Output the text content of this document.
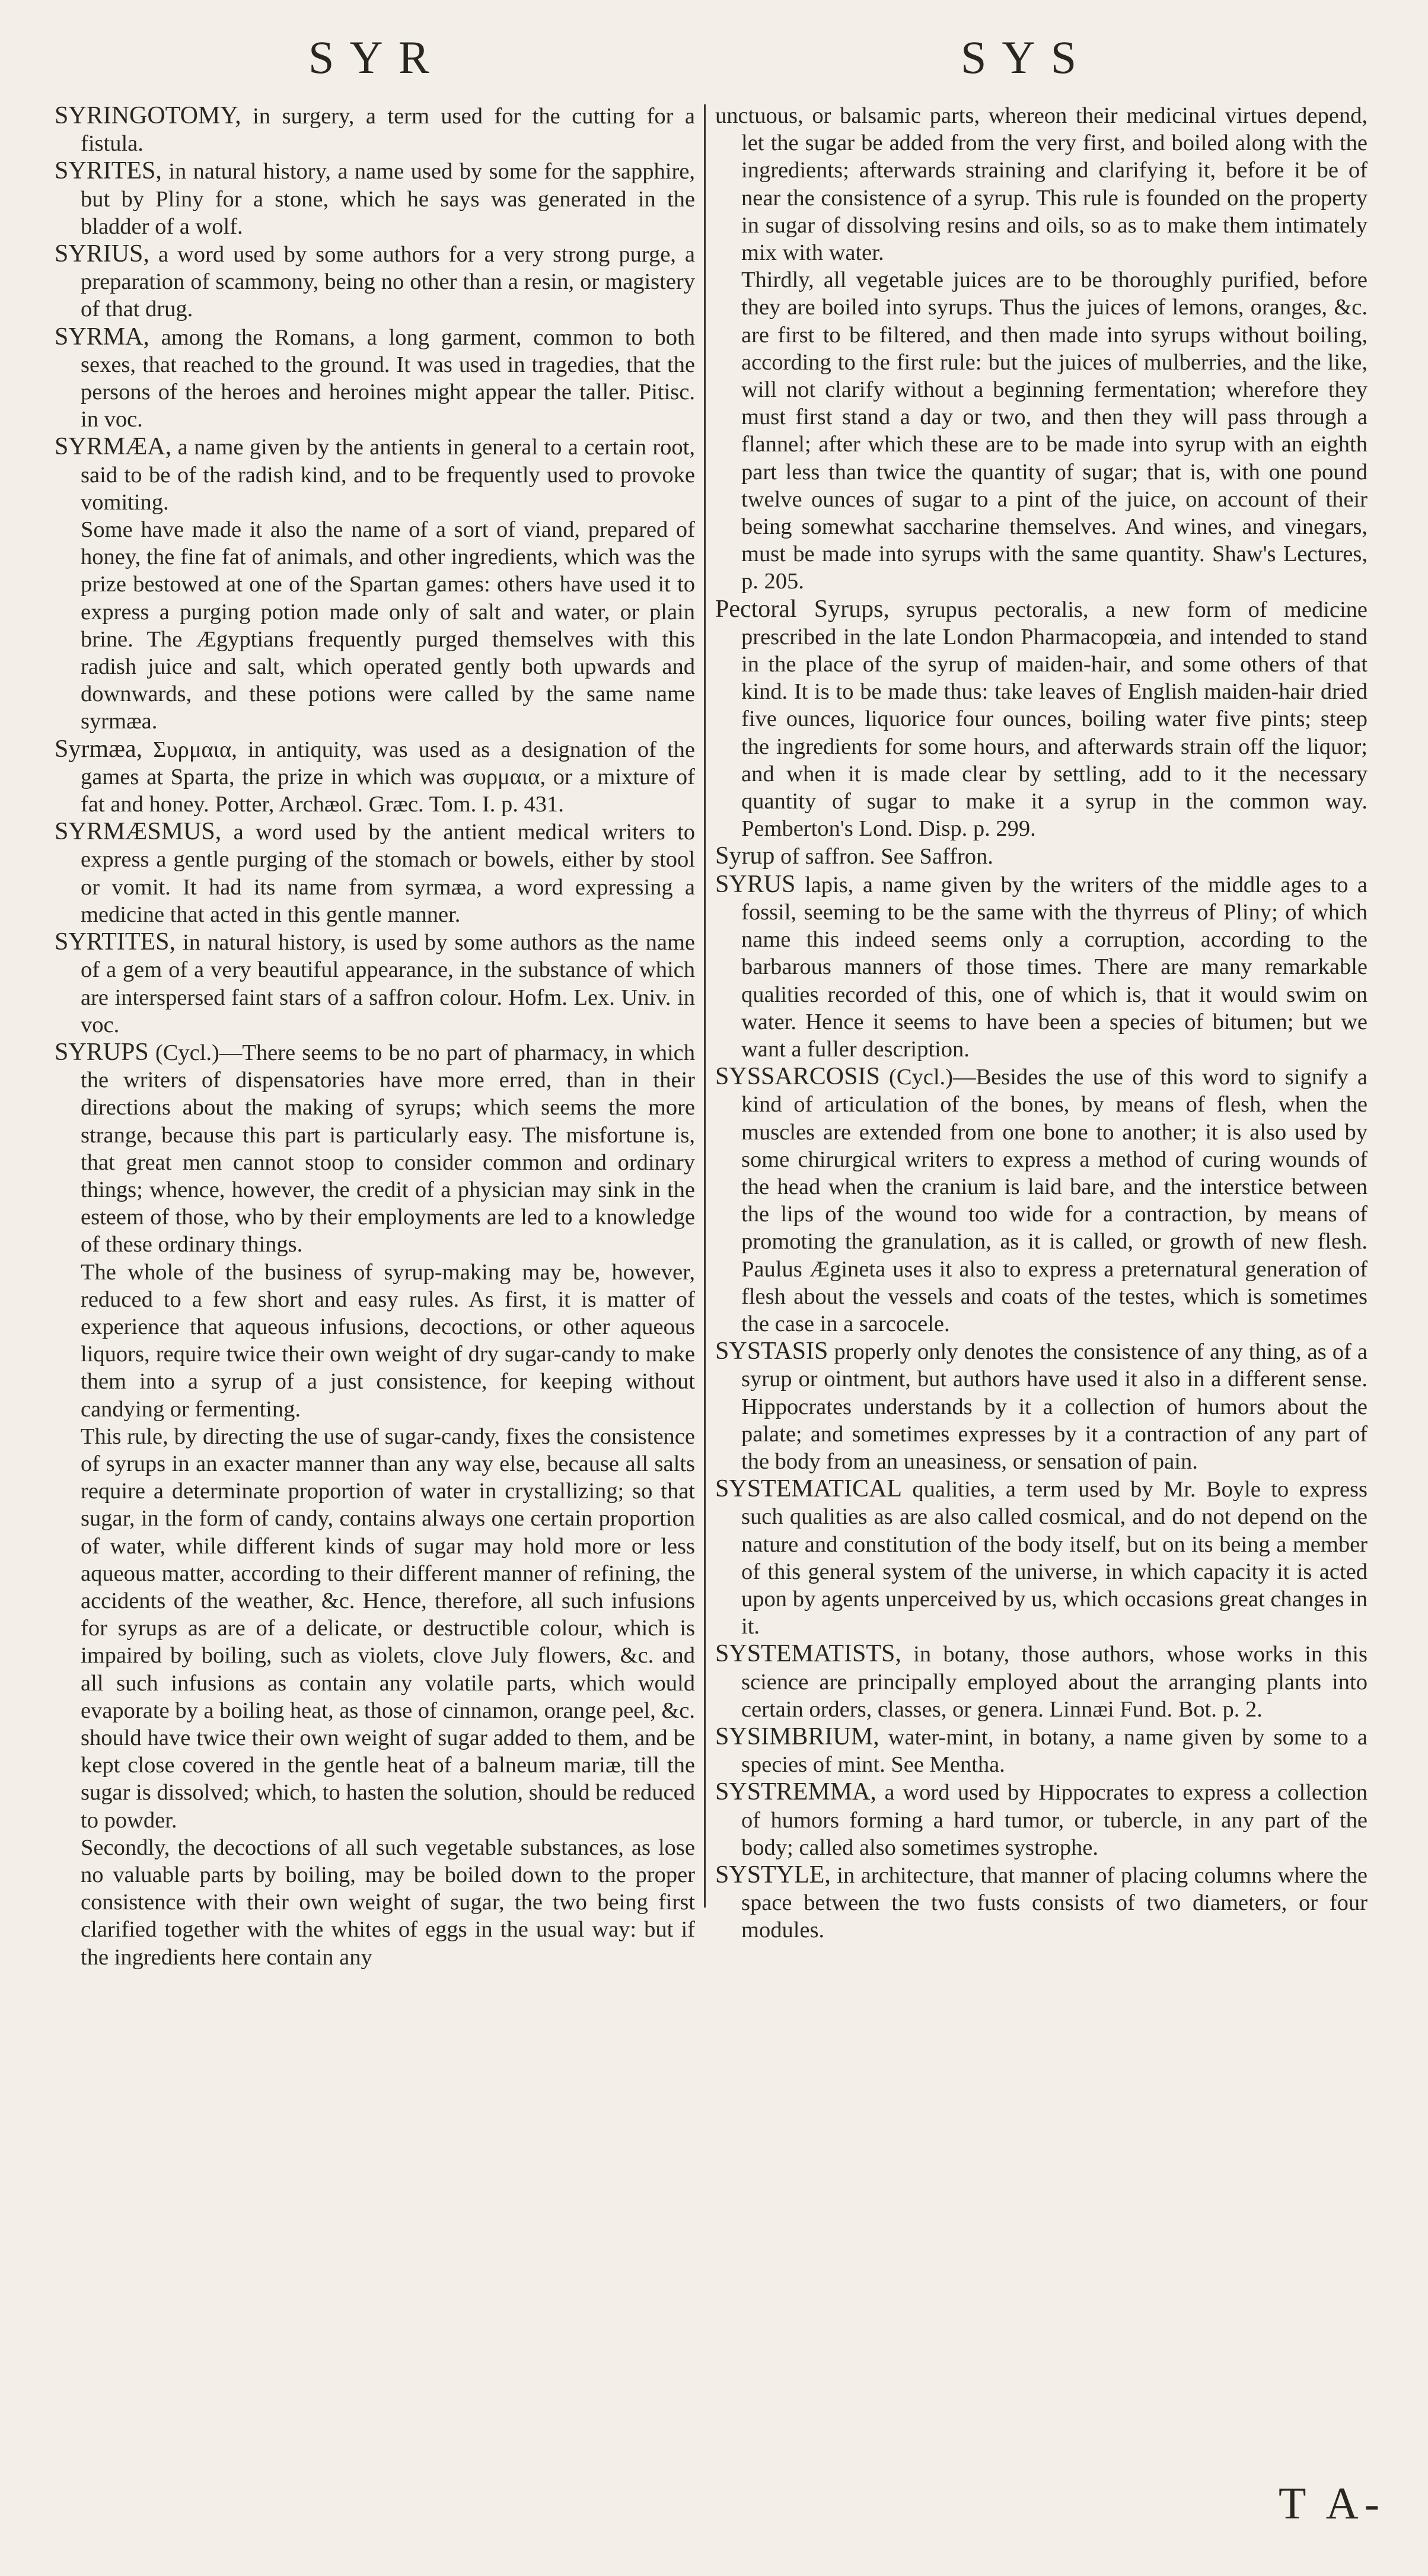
SYR	SYS

SYRINGOTOMY, in surgery, a term used for the cutting for a fistula.

SYRITES, in natural history, a name used by some for the sapphire, but by Pliny for a stone, which he says was generated in the bladder of a wolf.

SYRIUS, a word used by some authors for a very strong purge, a preparation of scammony, being no other than a resin, or magistery of that drug.

SYRMA, among the Romans, a long garment, common to both sexes, that reached to the ground. It was used in tragedies, that the persons of the heroes and heroines might appear the taller. Pitisc. in voc.

SYRMÆA, a name given by the antients in general to a certain root, said to be of the radish kind, and to be frequently used to provoke vomiting.

Some have made it also the name of a sort of viand, prepared of honey, the fine fat of animals, and other ingredients, which was the prize bestowed at one of the Spartan games: others have used it to express a purging potion made only of salt and water, or plain brine. The Ægyptians frequently purged themselves with this radish juice and salt, which operated gently both upwards and downwards, and these potions were called by the same name syrmæa.

Syrmæa, Συρμαια, in antiquity, was used as a designation of the games at Sparta, the prize in which was συρμαια, or a mixture of fat and honey. Potter, Archæol. Græc. Tom. I. p. 431.

SYRMÆSMUS, a word used by the antient medical writers to express a gentle purging of the stomach or bowels, either by stool or vomit. It had its name from syrmæa, a word expressing a medicine that acted in this gentle manner.

SYRTITES, in natural history, is used by some authors as the name of a gem of a very beautiful appearance, in the substance of which are interspersed faint stars of a saffron colour. Hofm. Lex. Univ. in voc.

SYRUPS (Cycl.)—There seems to be no part of pharmacy, in which the writers of dispensatories have more erred, than in their directions about the making of syrups; which seems the more strange, because this part is particularly easy. The misfortune is, that great men cannot stoop to consider common and ordinary things; whence, however, the credit of a physician may sink in the esteem of those, who by their employments are led to a knowledge of these ordinary things.

The whole of the business of syrup-making may be, however, reduced to a few short and easy rules. As first, it is matter of experience that aqueous infusions, decoctions, or other aqueous liquors, require twice their own weight of dry sugar-candy to make them into a syrup of a just consistence, for keeping without candying or fermenting.

This rule, by directing the use of sugar-candy, fixes the consistence of syrups in an exacter manner than any way else, because all salts require a determinate proportion of water in crystallizing; so that sugar, in the form of candy, contains always one certain proportion of water, while different kinds of sugar may hold more or less aqueous matter, according to their different manner of refining, the accidents of the weather, &c. Hence, therefore, all such infusions for syrups as are of a delicate, or destructible colour, which is impaired by boiling, such as violets, clove July flowers, &c. and all such infusions as contain any volatile parts, which would evaporate by a boiling heat, as those of cinnamon, orange peel, &c. should have twice their own weight of sugar added to them, and be kept close covered in the gentle heat of a balneum mariæ, till the sugar is dissolved; which, to hasten the solution, should be reduced to powder.

Secondly, the decoctions of all such vegetable substances, as lose no valuable parts by boiling, may be boiled down to the proper consistence with their own weight of sugar, the two being first clarified together with the whites of eggs in the usual way: but if the ingredients here contain any

unctuous, or balsamic parts, whereon their medicinal virtues depend, let the sugar be added from the very first, and boiled along with the ingredients; afterwards straining and clarifying it, before it be of near the consistence of a syrup. This rule is founded on the property in sugar of dissolving resins and oils, so as to make them intimately mix with water.

Thirdly, all vegetable juices are to be thoroughly purified, before they are boiled into syrups. Thus the juices of lemons, oranges, &c. are first to be filtered, and then made into syrups without boiling, according to the first rule: but the juices of mulberries, and the like, will not clarify without a beginning fermentation; wherefore they must first stand a day or two, and then they will pass through a flannel; after which these are to be made into syrup with an eighth part less than twice the quantity of sugar; that is, with one pound twelve ounces of sugar to a pint of the juice, on account of their being somewhat saccharine themselves. And wines, and vinegars, must be made into syrups with the same quantity. Shaw's Lectures, p. 205.

Pectoral Syrups, syrupus pectoralis, a new form of medicine prescribed in the late London Pharmacopœia, and intended to stand in the place of the syrup of maiden-hair, and some others of that kind. It is to be made thus: take leaves of English maiden-hair dried five ounces, liquorice four ounces, boiling water five pints; steep the ingredients for some hours, and afterwards strain off the liquor; and when it is made clear by settling, add to it the necessary quantity of sugar to make it a syrup in the common way. Pemberton's Lond. Disp. p. 299.

Syrup of saffron. See Saffron.

SYRUS lapis, a name given by the writers of the middle ages to a fossil, seeming to be the same with the thyrreus of Pliny; of which name this indeed seems only a corruption, according to the barbarous manners of those times. There are many remarkable qualities recorded of this, one of which is, that it would swim on water. Hence it seems to have been a species of bitumen; but we want a fuller description.

SYSSARCOSIS (Cycl.)—Besides the use of this word to signify a kind of articulation of the bones, by means of flesh, when the muscles are extended from one bone to another; it is also used by some chirurgical writers to express a method of curing wounds of the head when the cranium is laid bare, and the interstice between the lips of the wound too wide for a contraction, by means of promoting the granulation, as it is called, or growth of new flesh. Paulus Ægineta uses it also to express a preternatural generation of flesh about the vessels and coats of the testes, which is sometimes the case in a sarcocele.

SYSTASIS properly only denotes the consistence of any thing, as of a syrup or ointment, but authors have used it also in a different sense. Hippocrates understands by it a collection of humors about the palate; and sometimes expresses by it a contraction of any part of the body from an uneasiness, or sensation of pain.

SYSTEMATICAL qualities, a term used by Mr. Boyle to express such qualities as are also called cosmical, and do not depend on the nature and constitution of the body itself, but on its being a member of this general system of the universe, in which capacity it is acted upon by agents unperceived by us, which occasions great changes in it.

SYSTEMATISTS, in botany, those authors, whose works in this science are principally employed about the arranging plants into certain orders, classes, or genera. Linnæi Fund. Bot. p. 2.

SYSIMBRIUM, water-mint, in botany, a name given by some to a species of mint. See Mentha.

SYSTREMMA, a word used by Hippocrates to express a collection of humors forming a hard tumor, or tubercle, in any part of the body; called also sometimes systrophe.

SYSTYLE, in architecture, that manner of placing columns where the space between the two fusts consists of two diameters, or four modules.

T A-
